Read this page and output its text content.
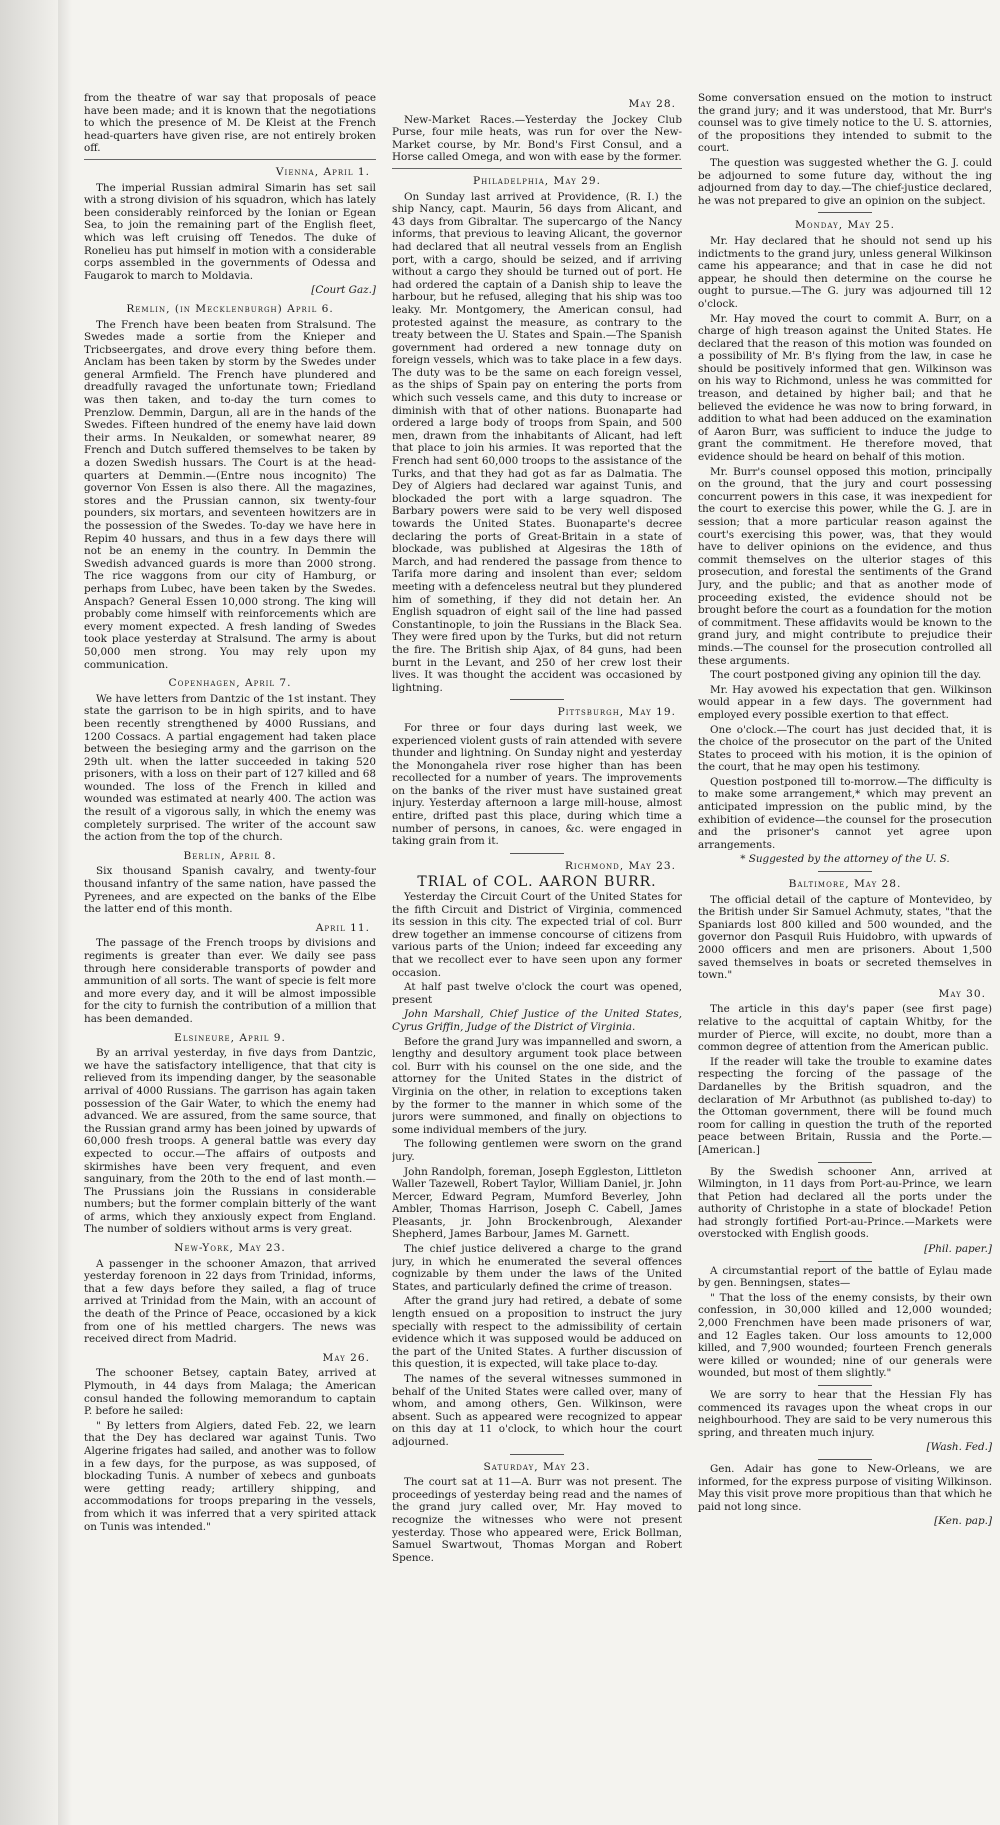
from the theatre of war say that proposals of peace have been made; and it is known that the negotiations to which the presence of M. De Kleist at the French head-quarters have given rise, are not entirely broken off.

Vienna, April 1.

The imperial Russian admiral Simarin has set sail with a strong division of his squadron, which has lately been considerably reinforced by the Ionian or Egean Sea, to join the remaining part of the English fleet, which was left cruising off Tenedos. The duke of Ronelieu has put himself in motion with a considerable corps assembled in the governments of Odessa and Faugarok to march to Moldavia.

[Court Gaz.]
Remlin, (in Mecklenburgh) April 6.

The French have been beaten from Stralsund. The Swedes made a sortie from the Knieper and Tricbseergates, and drove every thing before them. Anclam has been taken by storm by the Swedes under general Armfield. The French have plundered and dreadfully ravaged the unfortunate town; Friedland was then taken, and to-day the turn comes to Prenzlow. Demmin, Dargun, all are in the hands of the Swedes. Fifteen hundred of the enemy have laid down their arms. In Neukalden, or somewhat nearer, 89 French and Dutch suffered themselves to be taken by a dozen Swedish hussars. The Court is at the head-quarters at Demmin.—(Entre nous incognito) The governor Von Essen is also there. All the magazines, stores and the Prussian cannon, six twenty-four pounders, six mortars, and seventeen howitzers are in the possession of the Swedes. To-day we have here in Repim 40 hussars, and thus in a few days there will not be an enemy in the country. In Demmin the Swedish advanced guards is more than 2000 strong. The rice waggons from our city of Hamburg, or perhaps from Lubec, have been taken by the Swedes. Anspach? General Essen 10,000 strong. The king will probably come himself with reinforcements which are every moment expected. A fresh landing of Swedes took place yesterday at Stralsund. The army is about 50,000 men strong. You may rely upon my communication.

Copenhagen, April 7.

We have letters from Dantzic of the 1st instant. They state the garrison to be in high spirits, and to have been recently strengthened by 4000 Russians, and 1200 Cossacs. A partial engagement had taken place between the besieging army and the garrison on the 29th ult. when the latter succeeded in taking 520 prisoners, with a loss on their part of 127 killed and 68 wounded. The loss of the French in killed and wounded was estimated at nearly 400. The action was the result of a vigorous sally, in which the enemy was completely surprised. The writer of the account saw the action from the top of the church.

Berlin, April 8.

Six thousand Spanish cavalry, and twenty-four thousand infantry of the same nation, have passed the Pyrenees, and are expected on the banks of the Elbe the latter end of this month.

April 11.

The passage of the French troops by divisions and regiments is greater than ever. We daily see pass through here considerable transports of powder and ammunition of all sorts. The want of specie is felt more and more every day, and it will be almost impossible for the city to furnish the contribution of a million that has been demanded.

Elsineure, April 9.

By an arrival yesterday, in five days from Dantzic, we have the satisfactory intelligence, that that city is relieved from its impending danger, by the seasonable arrival of 4000 Russians. The garrison has again taken possession of the Gair Water, to which the enemy had advanced. We are assured, from the same source, that the Russian grand army has been joined by upwards of 60,000 fresh troops. A general battle was every day expected to occur.—The affairs of outposts and skirmishes have been very frequent, and even sanguinary, from the 20th to the end of last month.—The Prussians join the Russians in considerable numbers; but the former complain bitterly of the want of arms, which they anxiously expect from England. The number of soldiers without arms is very great.

New-York, May 23.

A passenger in the schooner Amazon, that arrived yesterday forenoon in 22 days from Trinidad, informs, that a few days before they sailed, a flag of truce arrived at Trinidad from the Main, with an account of the death of the Prince of Peace, occasioned by a kick from one of his mettled chargers. The news was received direct from Madrid.

May 26.

The schooner Betsey, captain Batey, arrived at Plymouth, in 44 days from Malaga; the American consul handed the following memorandum to captain P. before he sailed:

" By letters from Algiers, dated Feb. 22, we learn that the Dey has declared war against Tunis. Two Algerine frigates had sailed, and another was to follow in a few days, for the purpose, as was supposed, of blockading Tunis. A number of xebecs and gunboats were getting ready; artillery shipping, and accommodations for troops preparing in the vessels, from which it was inferred that a very spirited attack on Tunis was intended."

May 28.

New-Market Races.—Yesterday the Jockey Club Purse, four mile heats, was run for over the New-Market course, by Mr. Bond's First Consul, and a Horse called Omega, and won with ease by the former.

Philadelphia, May 29.

On Sunday last arrived at Providence, (R. I.) the ship Nancy, capt. Maurin, 56 days from Alicant, and 43 days from Gibraltar. The supercargo of the Nancy informs, that previous to leaving Alicant, the governor had declared that all neutral vessels from an English port, with a cargo, should be seized, and if arriving without a cargo they should be turned out of port. He had ordered the captain of a Danish ship to leave the harbour, but he refused, alleging that his ship was too leaky. Mr. Montgomery, the American consul, had protested against the measure, as contrary to the treaty between the U. States and Spain.—The Spanish government had ordered a new tonnage duty on foreign vessels, which was to take place in a few days. The duty was to be the same on each foreign vessel, as the ships of Spain pay on entering the ports from which such vessels came, and this duty to increase or diminish with that of other nations. Buonaparte had ordered a large body of troops from Spain, and 500 men, drawn from the inhabitants of Alicant, had left that place to join his armies. It was reported that the French had sent 60,000 troops to the assistance of the Turks, and that they had got as far as Dalmatia. The Dey of Algiers had declared war against Tunis, and blockaded the port with a large squadron. The Barbary powers were said to be very well disposed towards the United States. Buonaparte's decree declaring the ports of Great-Britain in a state of blockade, was published at Algesiras the 18th of March, and had rendered the passage from thence to Tarifa more daring and insolent than ever; seldom meeting with a defenceless neutral but they plundered him of something, if they did not detain her. An English squadron of eight sail of the line had passed Constantinople, to join the Russians in the Black Sea. They were fired upon by the Turks, but did not return the fire. The British ship Ajax, of 84 guns, had been burnt in the Levant, and 250 of her crew lost their lives. It was thought the accident was occasioned by lightning.

Pittsburgh, May 19.

For three or four days during last week, we experienced violent gusts of rain attended with severe thunder and lightning. On Sunday night and yesterday the Monongahela river rose higher than has been recollected for a number of years. The improvements on the banks of the river must have sustained great injury. Yesterday afternoon a large mill-house, almost entire, drifted past this place, during which time a number of persons, in canoes, &c. were engaged in taking grain from it.

Richmond, May 23.
TRIAL of COL. AARON BURR.

Yesterday the Circuit Court of the United States for the fifth Circuit and District of Virginia, commenced its session in this city. The expected trial of col. Burr drew together an immense concourse of citizens from various parts of the Union; indeed far exceeding any that we recollect ever to have seen upon any former occasion.

At half past twelve o'clock the court was opened, present

John Marshall, Chief Justice of the United States, Cyrus Griffin, Judge of the District of Virginia.

Before the grand Jury was impannelled and sworn, a lengthy and desultory argument took place between col. Burr with his counsel on the one side, and the attorney for the United States in the district of Virginia on the other, in relation to exceptions taken by the former to the manner in which some of the jurors were summoned, and finally on objections to some individual members of the jury.

The following gentlemen were sworn on the grand jury.

John Randolph, foreman, Joseph Eggleston, Littleton Waller Tazewell, Robert Taylor, William Daniel, jr. John Mercer, Edward Pegram, Mumford Beverley, John Ambler, Thomas Harrison, Joseph C. Cabell, James Pleasants, jr. John Brockenbrough, Alexander Shepherd, James Barbour, James M. Garnett.

The chief justice delivered a charge to the grand jury, in which he enumerated the several offences cognizable by them under the laws of the United States, and particularly defined the crime of treason.

After the grand jury had retired, a debate of some length ensued on a proposition to instruct the jury specially with respect to the admissibility of certain evidence which it was supposed would be adduced on the part of the United States. A further discussion of this question, it is expected, will take place to-day.

The names of the several witnesses summoned in behalf of the United States were called over, many of whom, and among others, Gen. Wilkinson, were absent. Such as appeared were recognized to appear on this day at 11 o'clock, to which hour the court adjourned.

Saturday, May 23.

The court sat at 11—A. Burr was not present. The proceedings of yesterday being read and the names of the grand jury called over, Mr. Hay moved to recognize the witnesses who were not present yesterday. Those who appeared were, Erick Bollman, Samuel Swartwout, Thomas Morgan and Robert Spence.

Some conversation ensued on the motion to instruct the grand jury; and it was understood, that Mr. Burr's counsel was to give timely notice to the U. S. attornies, of the propositions they intended to submit to the court.

The question was suggested whether the G. J. could be adjourned to some future day, without the ing adjourned from day to day.—The chief-justice declared, he was not prepared to give an opinion on the subject.

Monday, May 25.

Mr. Hay declared that he should not send up his indictments to the grand jury, unless general Wilkinson came his appearance; and that in case he did not appear, he should then determine on the course he ought to pursue.—The G. jury was adjourned till 12 o'clock.

Mr. Hay moved the court to commit A. Burr, on a charge of high treason against the United States. He declared that the reason of this motion was founded on a possibility of Mr. B's flying from the law, in case he should be positively informed that gen. Wilkinson was on his way to Richmond, unless he was committed for treason, and detained by higher bail; and that he believed the evidence he was now to bring forward, in addition to what had been adduced on the examination of Aaron Burr, was sufficient to induce the judge to grant the commitment. He therefore moved, that evidence should be heard on behalf of this motion.

Mr. Burr's counsel opposed this motion, principally on the ground, that the jury and court possessing concurrent powers in this case, it was inexpedient for the court to exercise this power, while the G. J. are in session; that a more particular reason against the court's exercising this power, was, that they would have to deliver opinions on the evidence, and thus commit themselves on the ulterior stages of this prosecution, and forestal the sentiments of the Grand Jury, and the public; and that as another mode of proceeding existed, the evidence should not be brought before the court as a foundation for the motion of commitment. These affidavits would be known to the grand jury, and might contribute to prejudice their minds.—The counsel for the prosecution controlled all these arguments.

The court postponed giving any opinion till the day.

Mr. Hay avowed his expectation that gen. Wilkinson would appear in a few days. The government had employed every possible exertion to that effect.

One o'clock.—The court has just decided that, it is the choice of the prosecutor on the part of the United States to proceed with his motion, it is the opinion of the court, that he may open his testimony.

Question postponed till to-morrow.—The difficulty is to make some arrangement,* which may prevent an anticipated impression on the public mind, by the exhibition of evidence—the counsel for the prosecution and the prisoner's cannot yet agree upon arrangements.

* Suggested by the attorney of the U. S.
Baltimore, May 28.

The official detail of the capture of Montevideo, by the British under Sir Samuel Achmuty, states, "that the Spaniards lost 800 killed and 500 wounded, and the governor don Pasquil Ruis Huidobro, with upwards of 2000 officers and men are prisoners. About 1,500 saved themselves in boats or secreted themselves in town."

May 30.

The article in this day's paper (see first page) relative to the acquittal of captain Whitby, for the murder of Pierce, will excite, no doubt, more than a common degree of attention from the American public.

If the reader will take the trouble to examine dates respecting the forcing of the passage of the Dardanelles by the British squadron, and the declaration of Mr Arbuthnot (as published to-day) to the Ottoman government, there will be found much room for calling in question the truth of the reported peace between Britain, Russia and the Porte.—[American.]

By the Swedish schooner Ann, arrived at Wilmington, in 11 days from Port-au-Prince, we learn that Petion had declared all the ports under the authority of Christophe in a state of blockade! Petion had strongly fortified Port-au-Prince.—Markets were overstocked with English goods.

[Phil. paper.]

A circumstantial report of the battle of Eylau made by gen. Benningsen, states—

" That the loss of the enemy consists, by their own confession, in 30,000 killed and 12,000 wounded; 2,000 Frenchmen have been made prisoners of war, and 12 Eagles taken. Our loss amounts to 12,000 killed, and 7,900 wounded; fourteen French generals were killed or wounded; nine of our generals were wounded, but most of them slightly."

We are sorry to hear that the Hessian Fly has commenced its ravages upon the wheat crops in our neighbourhood. They are said to be very numerous this spring, and threaten much injury.

[Wash. Fed.]

Gen. Adair has gone to New-Orleans, we are informed, for the express purpose of visiting Wilkinson. May this visit prove more propitious than that which he paid not long since.

[Ken. pap.]
